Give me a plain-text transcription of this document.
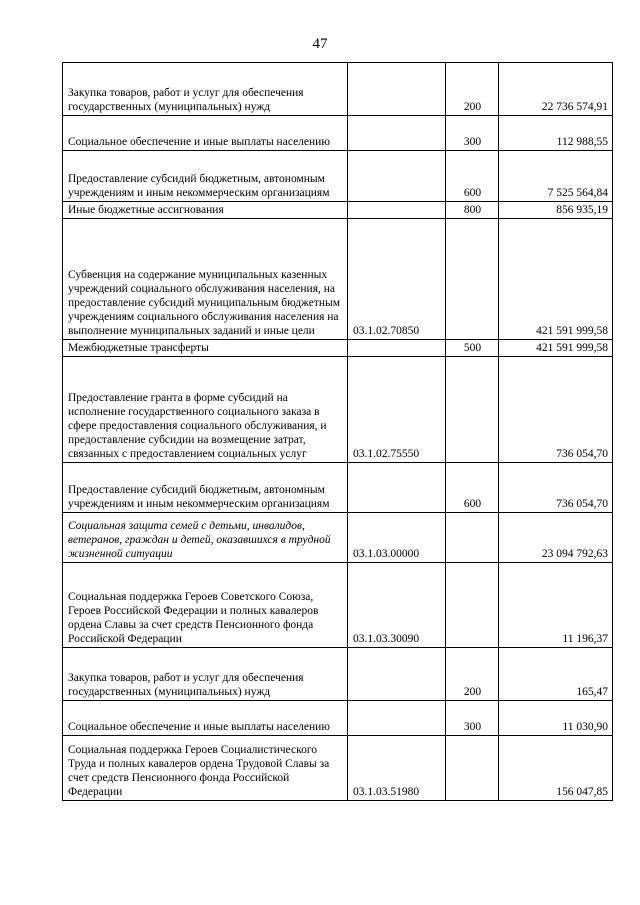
47
Закупка товаров, работ и услуг для обеспечения государственных (муниципальных) нужд		200	22 736 574,91
Социальное обеспечение и иные выплаты населению		300	112 988,55
Предоставление субсидий бюджетным, автономным учреждениям и иным некоммерческим организациям		600	7 525 564,84
Иные бюджетные ассигнования		800	856 935,19
Субвенция на содержание муниципальных казенных учреждений социального обслуживания населения, на предоставление субсидий муниципальным бюджетным учреждениям социального обслуживания населения на выполнение муниципальных заданий и иные цели	03.1.02.70850		421 591 999,58
Межбюджетные трансферты		500	421 591 999,58
Предоставление гранта в форме субсидий на исполнение государственного социального заказа в сфере предоставления социального обслуживания, и предоставление субсидии на возмещение затрат, связанных с предоставлением социальных услуг	03.1.02.75550		736 054,70
Предоставление субсидий бюджетным, автономным учреждениям и иным некоммерческим организациям		600	736 054,70
Социальная защита семей с детьми, инвалидов, ветеранов, граждан и детей, оказавшихся в трудной жизненной ситуации	03.1.03.00000		23 094 792,63
Социальная поддержка Героев Советского Союза, Героев Российской Федерации и полных кавалеров ордена Славы за счет средств Пенсионного фонда Российской Федерации	03.1.03.30090		11 196,37
Закупка товаров, работ и услуг для обеспечения государственных (муниципальных) нужд		200	165,47
Социальное обеспечение и иные выплаты населению		300	11 030,90
Социальная поддержка Героев Социалистического Труда и полных кавалеров ордена Трудовой Славы за счет средств Пенсионного фонда Российской Федерации	03.1.03.51980		156 047,85
